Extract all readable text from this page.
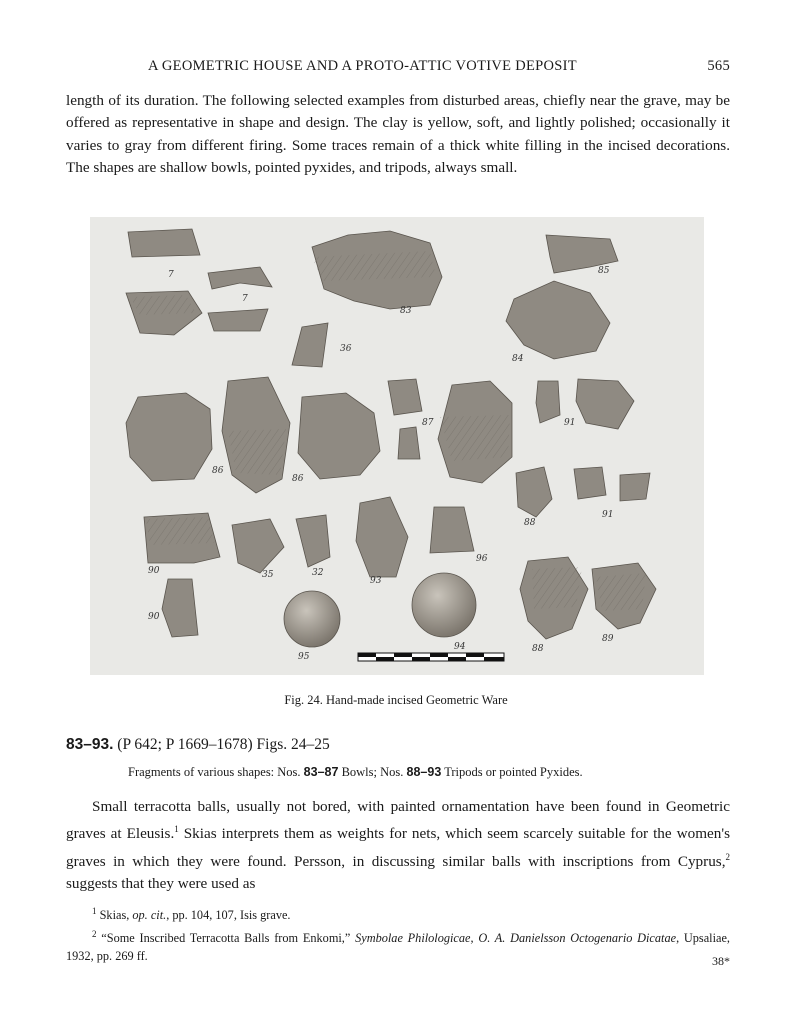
A GEOMETRIC HOUSE AND A PROTO-ATTIC VOTIVE DEPOSIT	565
length of its duration. The following selected examples from disturbed areas, chiefly near the grave, may be offered as representative in shape and design. The clay is yellow, soft, and lightly polished; occasionally it varies to gray from different firing. Some traces remain of a thick white filling in the incised decorations. The shapes are shallow bowls, pointed pyxides, and tripods, always small.
7
7
83
85
84
36
87	91
86
86
88
91
96
90	35	32
93
90
95
94	88
89
Fig. 24. Hand-made incised Geometric Ware
83–93. (P 642; P 1669–1678) Figs. 24–25
Fragments of various shapes: Nos. 83–87 Bowls; Nos. 88–93 Tripods or pointed Pyxides.
Small terracotta balls, usually not bored, with painted ornamentation have been found in Geometric graves at Eleusis.$^1$ Skias interprets them as weights for nets, which seem scarcely suitable for the women's graves in which they were found. Persson, in discussing similar balls with inscriptions from Cyprus,$^2$ suggests that they were used as
$^1$ Skias, op. cit., pp. 104, 107, Isis grave.
$^2$ “Some Inscribed Terracotta Balls from Enkomi,” Symbolae Philologicae, O. A. Danielsson Octogenario Dicatae, Upsaliae, 1932, pp. 269 ff.	38*
